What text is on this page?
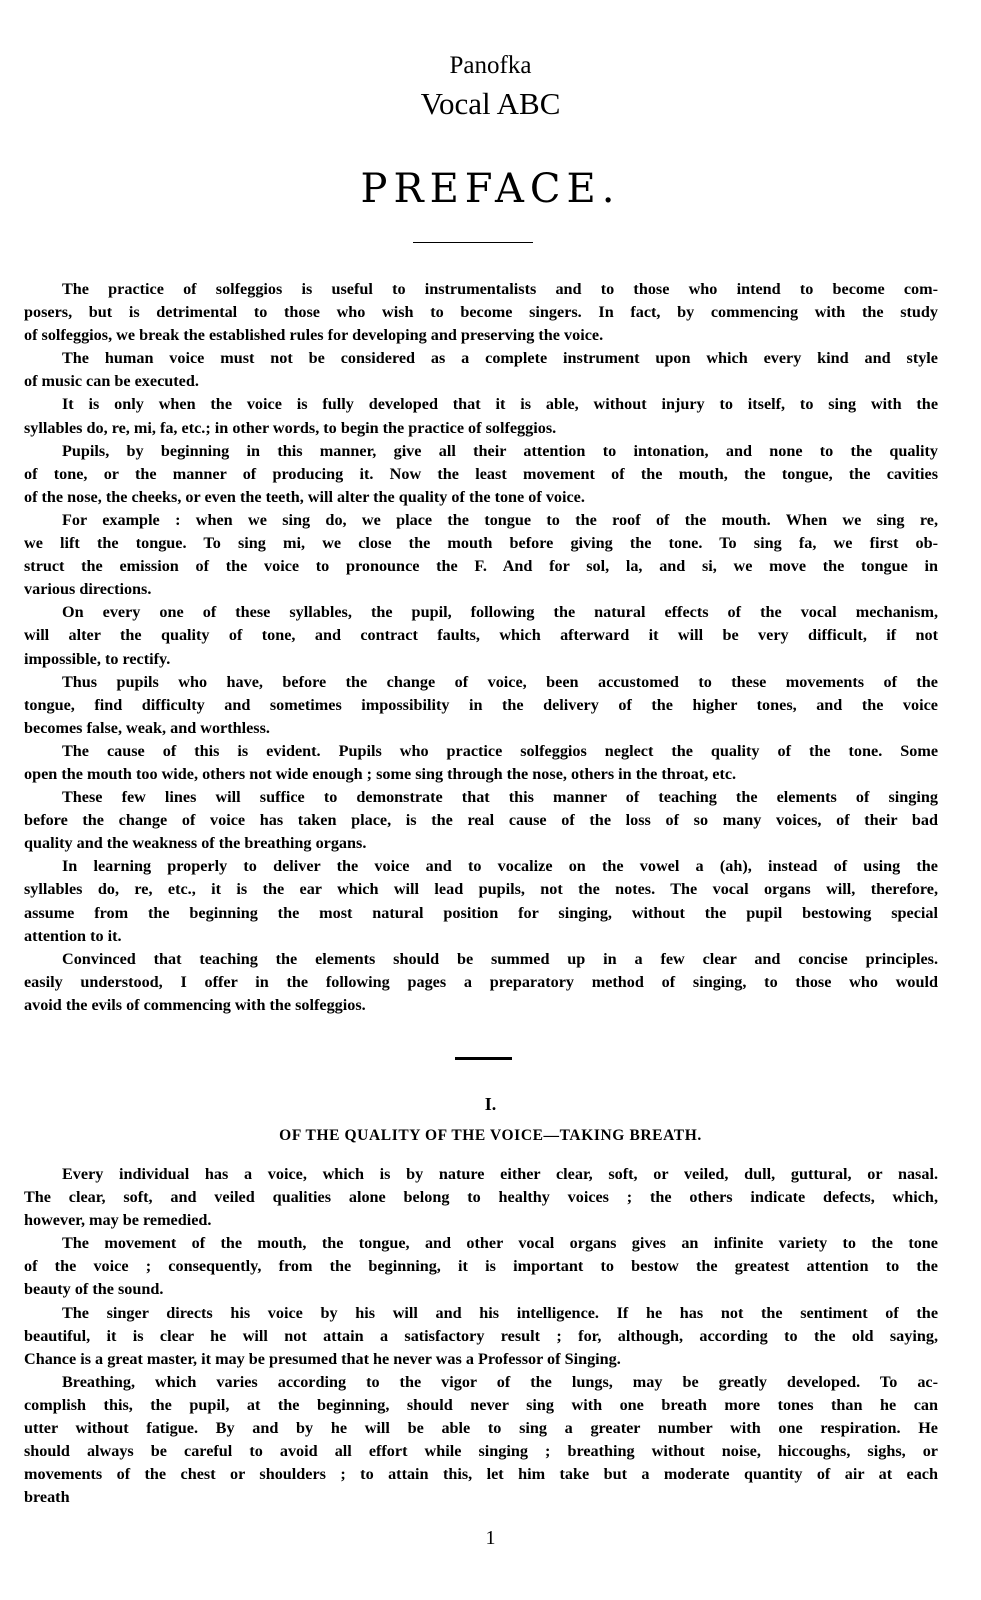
Panofka
Vocal ABC
PREFACE.
The practice of solfeggios is useful to instrumentalists and to those who intend to become com-
posers, but is detrimental to those who wish to become singers. In fact, by commencing with the study
of solfeggios, we break the established rules for developing and preserving the voice.
The human voice must not be considered as a complete instrument upon which every kind and style
of music can be executed.
It is only when the voice is fully developed that it is able, without injury to itself, to sing with the
syllables do, re, mi, fa, etc.; in other words, to begin the practice of solfeggios.
Pupils, by beginning in this manner, give all their attention to intonation, and none to the quality
of tone, or the manner of producing it. Now the least movement of the mouth, the tongue, the cavities
of the nose, the cheeks, or even the teeth, will alter the quality of the tone of voice.
For example : when we sing do, we place the tongue to the roof of the mouth. When we sing re,
we lift the tongue. To sing mi, we close the mouth before giving the tone. To sing fa, we first ob-
struct the emission of the voice to pronounce the F. And for sol, la, and si, we move the tongue in
various directions.
On every one of these syllables, the pupil, following the natural effects of the vocal mechanism,
will alter the quality of tone, and contract faults, which afterward it will be very difficult, if not
impossible, to rectify.
Thus pupils who have, before the change of voice, been accustomed to these movements of the
tongue, find difficulty and sometimes impossibility in the delivery of the higher tones, and the voice
becomes false, weak, and worthless.
The cause of this is evident. Pupils who practice solfeggios neglect the quality of the tone. Some
open the mouth too wide, others not wide enough ; some sing through the nose, others in the throat, etc.
These few lines will suffice to demonstrate that this manner of teaching the elements of singing
before the change of voice has taken place, is the real cause of the loss of so many voices, of their bad
quality and the weakness of the breathing organs.
In learning properly to deliver the voice and to vocalize on the vowel a (ah), instead of using the
syllables do, re, etc., it is the ear which will lead pupils, not the notes. The vocal organs will, therefore,
assume from the beginning the most natural position for singing, without the pupil bestowing special
attention to it.
Convinced that teaching the elements should be summed up in a few clear and concise principles.
easily understood, I offer in the following pages a preparatory method of singing, to those who would
avoid the evils of commencing with the solfeggios.
I.
OF THE QUALITY OF THE VOICE—TAKING BREATH.
Every individual has a voice, which is by nature either clear, soft, or veiled, dull, guttural, or nasal.
The clear, soft, and veiled qualities alone belong to healthy voices ; the others indicate defects, which,
however, may be remedied.
The movement of the mouth, the tongue, and other vocal organs gives an infinite variety to the tone
of the voice ; consequently, from the beginning, it is important to bestow the greatest attention to the
beauty of the sound.
The singer directs his voice by his will and his intelligence. If he has not the sentiment of the
beautiful, it is clear he will not attain a satisfactory result ; for, although, according to the old saying,
Chance is a great master, it may be presumed that he never was a Professor of Singing.
Breathing, which varies according to the vigor of the lungs, may be greatly developed. To ac-
complish this, the pupil, at the beginning, should never sing with one breath more tones than he can
utter without fatigue. By and by he will be able to sing a greater number with one respiration. He
should always be careful to avoid all effort while singing ; breathing without noise, hiccoughs, sighs, or
movements of the chest or shoulders ; to attain this, let him take but a moderate quantity of air at each
breath
1
